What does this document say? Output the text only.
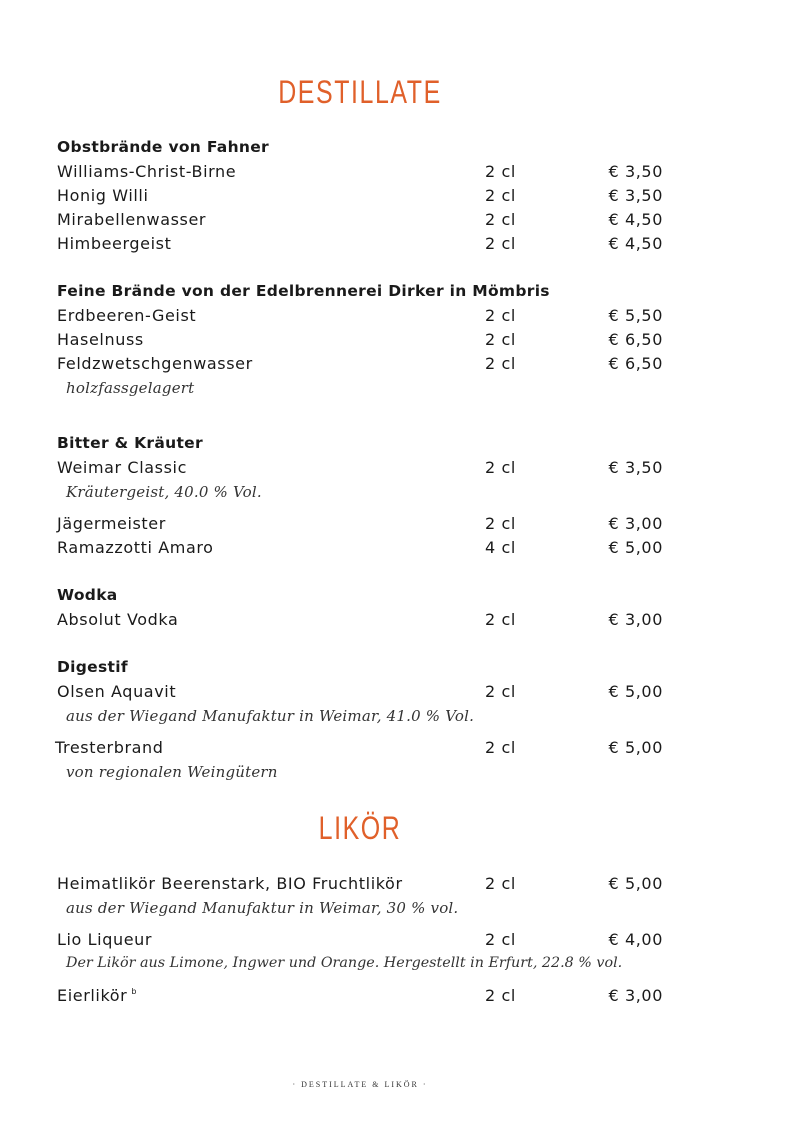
DESTILLATE
Obstbrände von Fahner
Williams-Christ-Birne	2 cl	€ 3,50
Honig Willi	2 cl	€ 3,50
Mirabellenwasser	2 cl	€ 4,50
Himbeergeist	2 cl	€ 4,50
Feine Brände von der Edelbrennerei Dirker in Mömbris
Erdbeeren-Geist	2 cl	€ 5,50
Haselnuss	2 cl	€ 6,50
Feldzwetschgenwasser	2 cl	€ 6,50
holzfassgelagert
Bitter & Kräuter
Weimar Classic	2 cl	€ 3,50
Kräutergeist, 40.0 % Vol.
Jägermeister	2 cl	€ 3,00
Ramazzotti Amaro	4 cl	€ 5,00
Wodka
Absolut Vodka	2 cl	€ 3,00
Digestif
Olsen Aquavit	2 cl	€ 5,00
aus der Wiegand Manufaktur in Weimar, 41.0 % Vol.
Tresterbrand	2 cl	€ 5,00
von regionalen Weingütern
LIKÖR
Heimatlikör Beerenstark, BIO Fruchtlikör	2 cl	€ 5,00
aus der Wiegand Manufaktur in Weimar, 30 % vol.
Lio Liqueur	2 cl	€ 4,00
Der Likör aus Limone, Ingwer und Orange. Hergestellt in Erfurt, 22.8 % vol.
Eierlikör $^b$	2 cl	€ 3,00
· DESTILLATE & LIKÖR ·
